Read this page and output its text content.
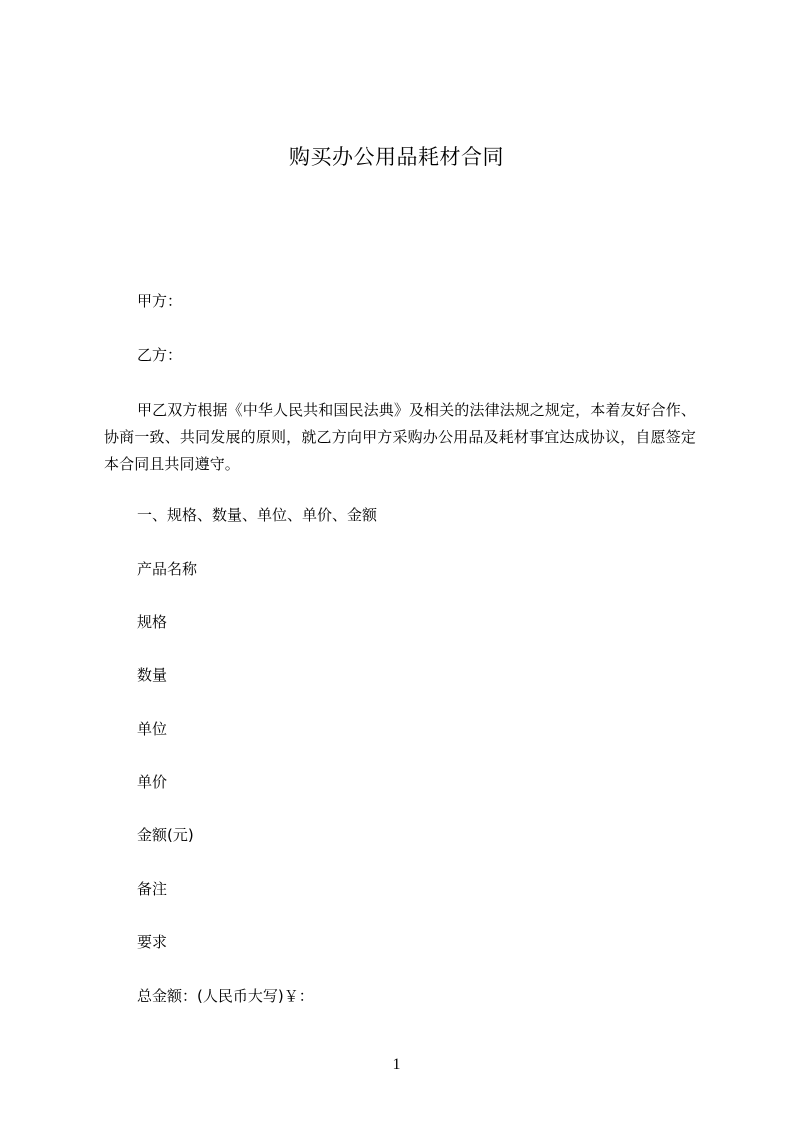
购买办公用品耗材合同
甲方：
乙方：
甲乙双方根据《中华人民共和国民法典》及相关的法律法规之规定，本着友好合作、协商一致、共同发展的原则，就乙方向甲方采购办公用品及耗材事宜达成协议，自愿签定本合同且共同遵守。
一、规格、数量、单位、单价、金额
产品名称
规格
数量
单位
单价
金额(元)
备注
要求
总金额：(人民币大写)￥：
1
